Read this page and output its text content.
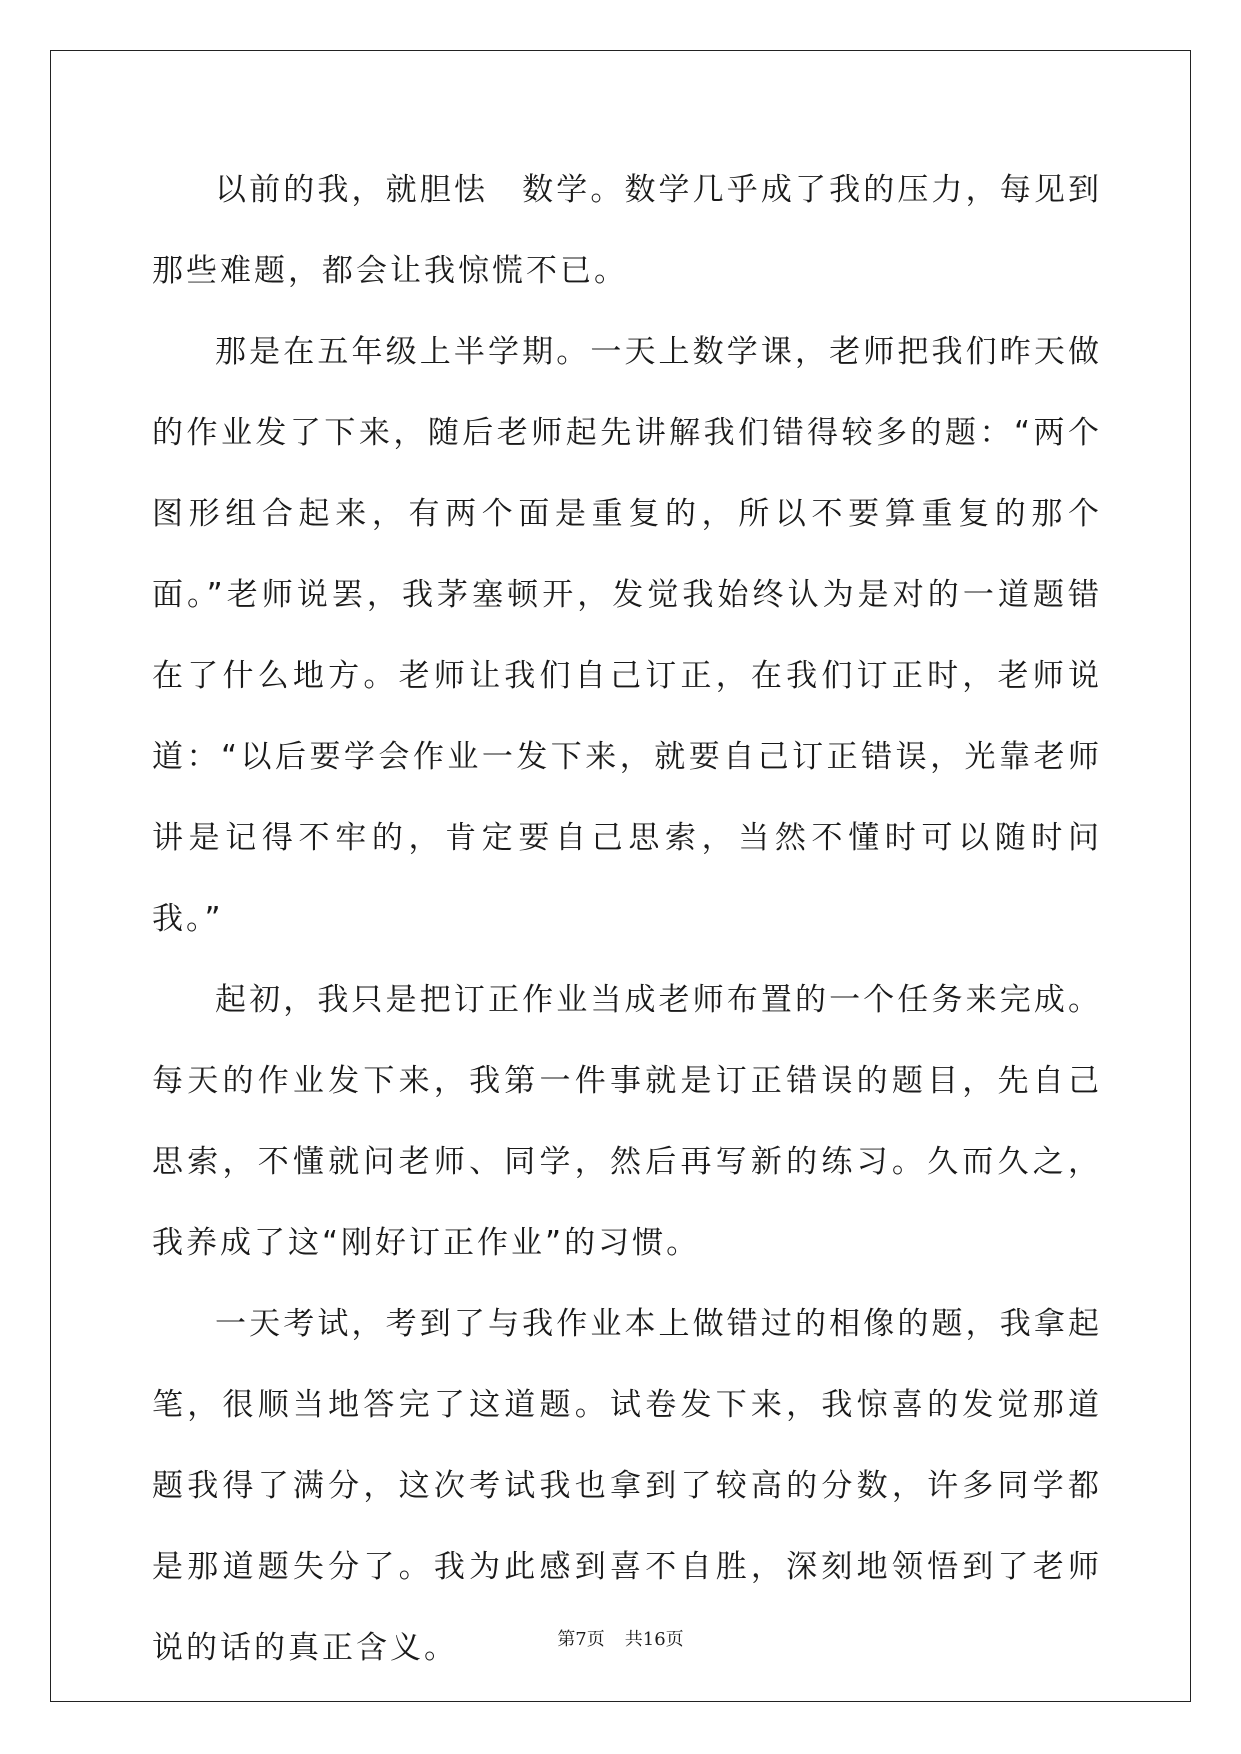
以前的我，就胆怯　数学。数学几乎成了我的压力，每见到那些难题，都会让我惊慌不已。

那是在五年级上半学期。一天上数学课，老师把我们昨天做的作业发了下来，随后老师起先讲解我们错得较多的题：“两个图形组合起来，有两个面是重复的，所以不要算重复的那个面。”老师说罢，我茅塞顿开，发觉我始终认为是对的一道题错在了什么地方。老师让我们自己订正，在我们订正时，老师说道：“以后要学会作业一发下来，就要自己订正错误，光靠老师讲是记得不牢的，肯定要自己思索，当然不懂时可以随时问我。”

起初，我只是把订正作业当成老师布置的一个任务来完成。每天的作业发下来，我第一件事就是订正错误的题目，先自己思索，不懂就问老师、同学，然后再写新的练习。久而久之，我养成了这“刚好订正作业”的习惯。

一天考试，考到了与我作业本上做错过的相像的题，我拿起笔，很顺当地答完了这道题。试卷发下来，我惊喜的发觉那道题我得了满分，这次考试我也拿到了较高的分数，许多同学都是那道题失分了。我为此感到喜不自胜，深刻地领悟到了老师说的话的真正含义。	第7页 共16页
